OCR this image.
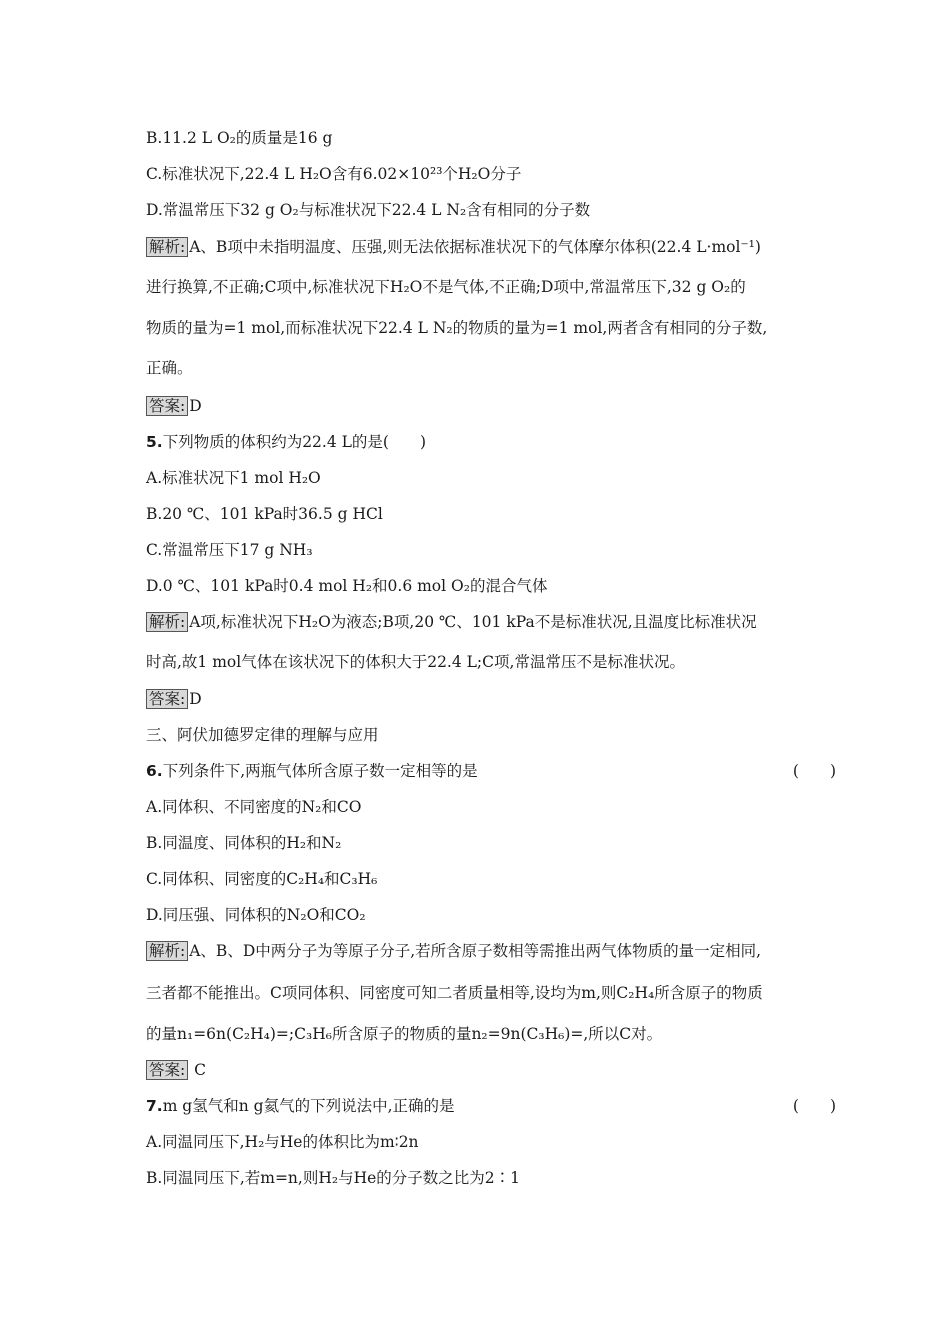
B.11.2 L O₂的质量是16 g
C.标准状况下,22.4 L H₂O含有6.02×10²³个H₂O分子
D.常温常压下32 g O₂与标准状况下22.4 L N₂含有相同的分子数
解析: A、B项中未指明温度、压强,则无法依据标准状况下的气体摩尔体积(22.4 L·mol⁻¹)
进行换算,不正确;C项中,标准状况下H₂O不是气体,不正确;D项中,常温常压下,32 g O₂的
物质的量为=1 mol,而标准状况下22.4 L N₂的物质的量为=1 mol,两者含有相同的分子数,
正确。
答案: D
5.下列物质的体积约为22.4 L的是(　　)
A.标准状况下1 mol H₂O
B.20 ℃、101 kPa时36.5 g HCl
C.常温常压下17 g NH₃
D.0 ℃、101 kPa时0.4 mol H₂和0.6 mol O₂的混合气体
解析: A项,标准状况下H₂O为液态;B项,20 ℃、101 kPa不是标准状况,且温度比标准状况
时高,故1 mol气体在该状况下的体积大于22.4 L;C项,常温常压不是标准状况。
答案: D
三、阿伏加德罗定律的理解与应用
6.下列条件下,两瓶气体所含原子数一定相等的是	(　　)
A.同体积、不同密度的N₂和CO
B.同温度、同体积的H₂和N₂
C.同体积、同密度的C₂H₄和C₃H₆
D.同压强、同体积的N₂O和CO₂
解析: A、B、D中两分子为等原子分子,若所含原子数相等需推出两气体物质的量一定相同,
三者都不能推出。C项同体积、同密度可知二者质量相等,设均为m,则C₂H₄所含原子的物质
的量n₁=6n(C₂H₄)=;C₃H₆所含原子的物质的量n₂=9n(C₃H₆)=,所以C对。
答案: C
7.m g氢气和n g氦气的下列说法中,正确的是	(　　)
A.同温同压下,H₂与He的体积比为m∶2n
B.同温同压下,若m=n,则H₂与He的分子数之比为2∶1
